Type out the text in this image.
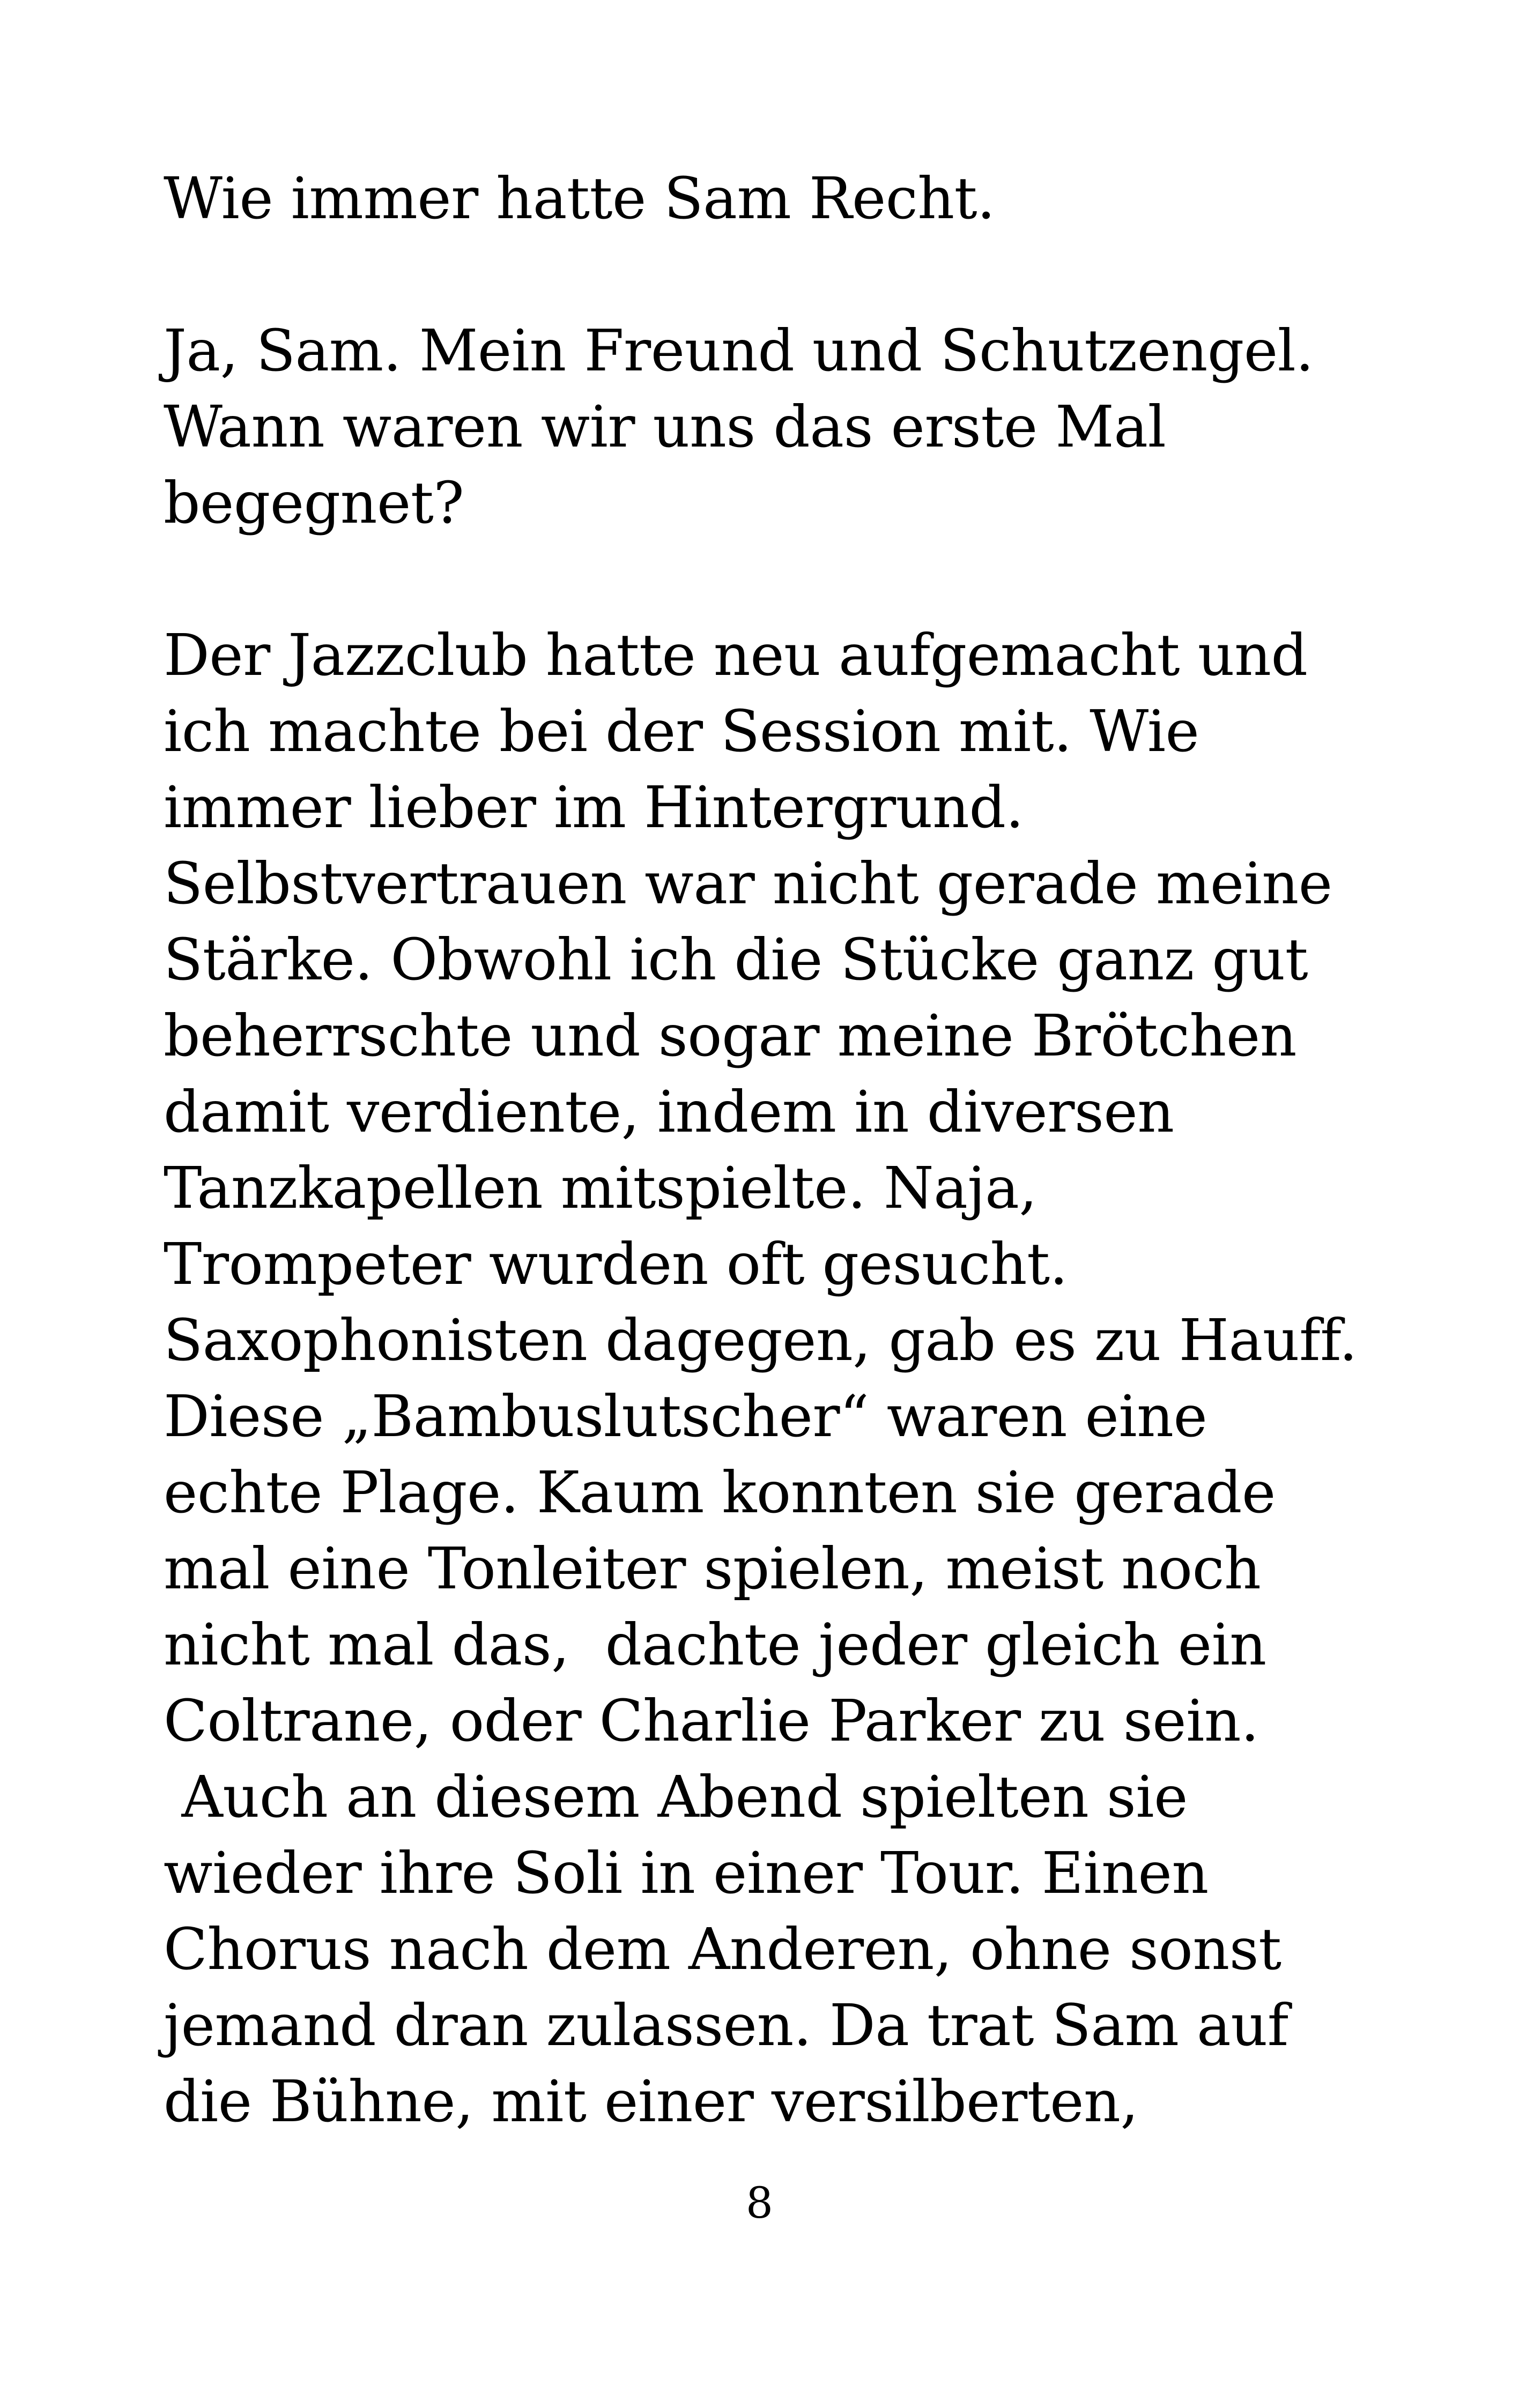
Wie immer hatte Sam Recht.
Ja, Sam. Mein Freund und Schutzengel.
Wann waren wir uns das erste Mal
begegnet?
Der Jazzclub hatte neu aufgemacht und
ich machte bei der Session mit. Wie
immer lieber im Hintergrund.
Selbstvertrauen war nicht gerade meine
Stärke. Obwohl ich die Stücke ganz gut
beherrschte und sogar meine Brötchen
damit verdiente, indem in diversen
Tanzkapellen mitspielte. Naja,
Trompeter wurden oft gesucht.
Saxophonisten dagegen, gab es zu Hauff.
Diese „Bambuslutscher“ waren eine
echte Plage. Kaum konnten sie gerade
mal eine Tonleiter spielen, meist noch
nicht mal das,  dachte jeder gleich ein
Coltrane, oder Charlie Parker zu sein.
Auch an diesem Abend spielten sie
wieder ihre Soli in einer Tour. Einen
Chorus nach dem Anderen, ohne sonst
jemand dran zulassen. Da trat Sam auf
die Bühne, mit einer versilberten,
8
